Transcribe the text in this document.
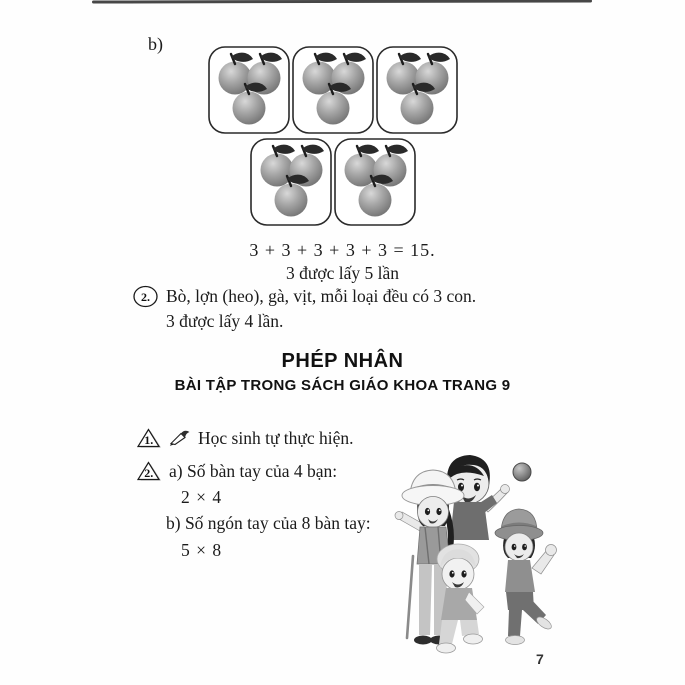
b)
3 + 3 + 3 + 3 + 3 = 15.
3 được lấy 5 lần
2. Bò, lợn (heo), gà, vịt, mỗi loại đều có 3 con.
3 được lấy 4 lần.
PHÉP NHÂN
BÀI TẬP TRONG SÁCH GIÁO KHOA TRANG 9
1.	Học sinh tự thực hiện.
2. a) Số bàn tay của 4 bạn:
2 × 4
b) Số ngón tay của 8 bàn tay:
5 × 8
7
